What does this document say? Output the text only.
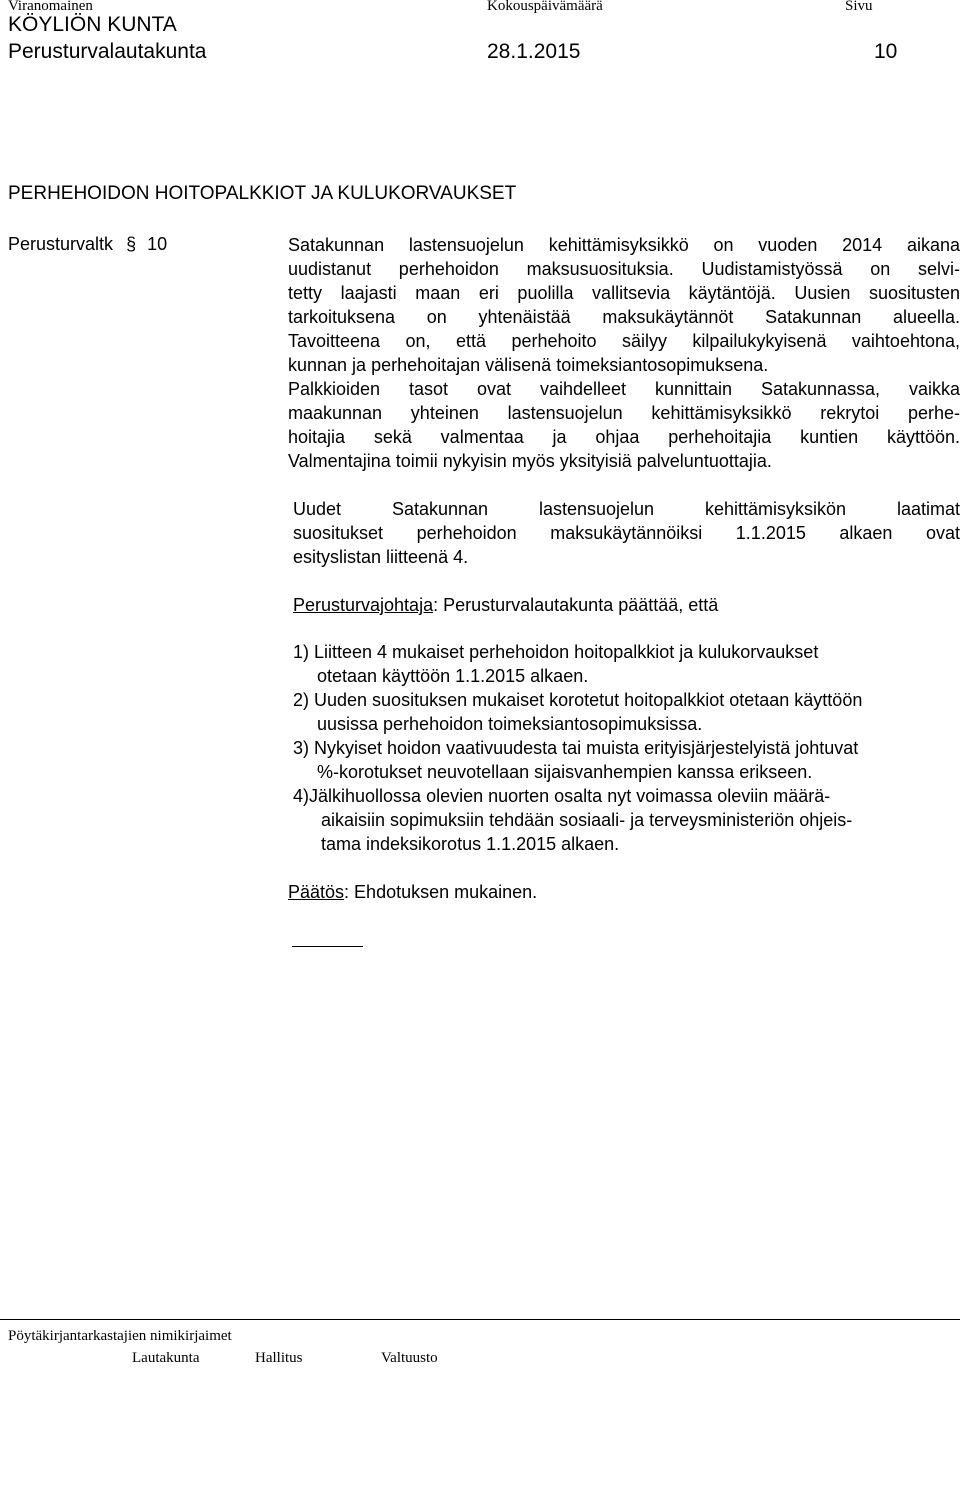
Viranomainen	Kokouspäivämäärä	Sivu
KÖYLIÖN KUNTA
Perusturvalautakunta	28.1.2015	10
PERHEHOIDON HOITOPALKKIOT JA KULUKORVAUKSET
Perusturvaltk § 10	Satakunnan lastensuojelun kehittämisyksikkö on vuoden 2014 aikana
uudistanut perhehoidon maksusuosituksia. Uudistamistyössä on selvi-
tetty laajasti maan eri puolilla vallitsevia käytäntöjä. Uusien suositusten
tarkoituksena on yhtenäistää maksukäytännöt Satakunnan alueella.
Tavoitteena on, että perhehoito säilyy kilpailukykyisenä vaihtoehtona,
kunnan ja perhehoitajan välisenä toimeksiantosopimuksena.
Palkkioiden tasot ovat vaihdelleet kunnittain Satakunnassa, vaikka
maakunnan yhteinen lastensuojelun kehittämisyksikkö rekrytoi perhe-
hoitajia sekä valmentaa ja ohjaa perhehoitajia kuntien käyttöön.
Valmentajina toimii nykyisin myös yksityisiä palveluntuottajia.
Uudet Satakunnan lastensuojelun kehittämisyksikön laatimat
suositukset perhehoidon maksukäytännöiksi 1.1.2015 alkaen ovat
esityslistan liitteenä 4.
Perusturvajohtaja: Perusturvalautakunta päättää, että
1) Liitteen 4 mukaiset perhehoidon hoitopalkkiot ja kulukorvaukset
otetaan käyttöön 1.1.2015 alkaen.
2) Uuden suosituksen mukaiset korotetut hoitopalkkiot otetaan käyttöön
uusissa perhehoidon toimeksiantosopimuksissa.
3) Nykyiset hoidon vaativuudesta tai muista erityisjärjestelyistä johtuvat
%-korotukset neuvotellaan sijaisvanhempien kanssa erikseen.
4)Jälkihuollossa olevien nuorten osalta nyt voimassa oleviin määrä-
aikaisiin sopimuksiin tehdään sosiaali- ja terveysministeriön ohjeis-
tama indeksikorotus 1.1.2015 alkaen.
Päätös: Ehdotuksen mukainen.
Pöytäkirjantarkastajien nimikirjaimet
Lautakunta	Hallitus	Valtuusto
